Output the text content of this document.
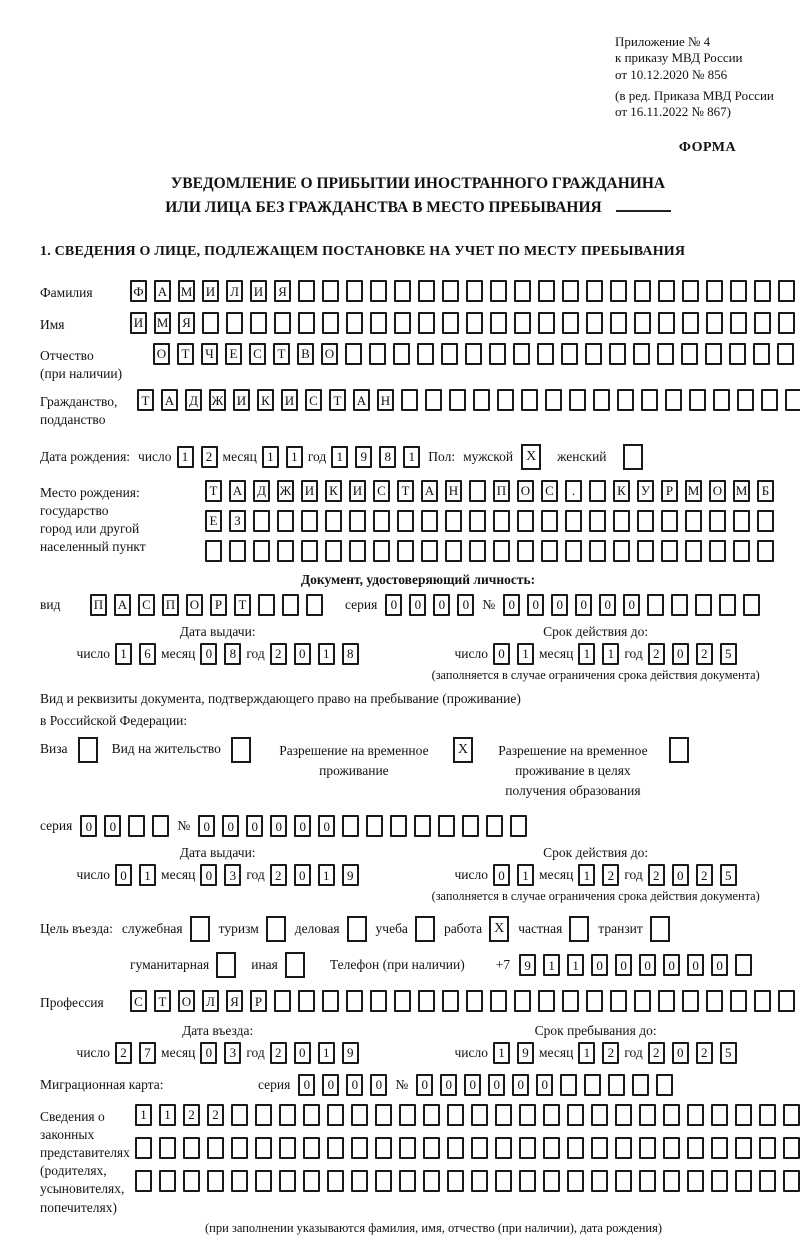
Приложение № 4
к приказу МВД России
от 10.12.2020 № 856
(в ред. Приказа МВД России
от 16.11.2022 № 867)
ФОРМА
УВЕДОМЛЕНИЕ О ПРИБЫТИИ ИНОСТРАННОГО ГРАЖДАНИНА
ИЛИ ЛИЦА БЕЗ ГРАЖДАНСТВА В МЕСТО ПРЕБЫВАНИЯ
1. СВЕДЕНИЯ О ЛИЦЕ, ПОДЛЕЖАЩЕМ ПОСТАНОВКЕ НА УЧЕТ ПО МЕСТУ ПРЕБЫВАНИЯ
Фамилия	Ф А М И	Л	И	Я
Имя	И М	Я
Отчество
(при наличии)
О	Т	Ч	Е	С	Т	В	О
Гражданство,
подданство
Т	А	Д	Ж И	К	И	С	Т	А Н
Дата рождения: число 1	2 месяц 1	1 год 1	9	8	1 Пол: мужской X	женский
Место рождения:
государство
город или другой
населенный пункт
Т	А	Д	Ж И	К	И	С	Т	А Н	П О	С	.	К	У	Р	М О М	Б
Е	З
Документ, удостоверяющий личность:
вид	П А	С	П О	Р	Т	серия	0	0	0	0 №	0	0	0	0	0	0
Дата выдачи:
число 1	6 месяц 0	8 год 2	0	1	8
Срок действия до:
число 0	1 месяц 1	1 год 2	0	2	5
(заполняется в случае ограничения срока действия документа)
Вид и реквизиты документа, подтверждающего право на пребывание (проживание)
в Российской Федерации:
Виза	Вид на жительство	Разрешение на временное проживание
X	Разрешение на временное проживание в целях получения образования
серия	0	0	№	0	0	0	0	0	0
Дата выдачи:
число 0	1 месяц 0	3 год 2	0	1	9
Срок действия до:
число 0	1 месяц 1	2 год 2	0	2	5
(заполняется в случае ограничения срока действия документа)
Цель въезда: служебная	туризм	деловая	учеба	работа X	частная	транзит
гуманитарная	иная	Телефон (при наличии) +7	9	1	1	0	0	0	0	0	0
Профессия	С	Т	О	Л	Я	Р
Дата въезда:
число 2	7 месяц 0	3 год 2	0	1	9
Срок пребывания до:
число 1	9 месяц 1	2 год 2	0	2	5
Миграционная карта:	серия	0	0	0	0 №	0	0	0	0	0	0
Сведения о
законных
представителях
(родителях,
усыновителях,
попечителях)
1	1	2	2
(при заполнении указываются фамилия, имя, отчество (при наличии), дата рождения)
